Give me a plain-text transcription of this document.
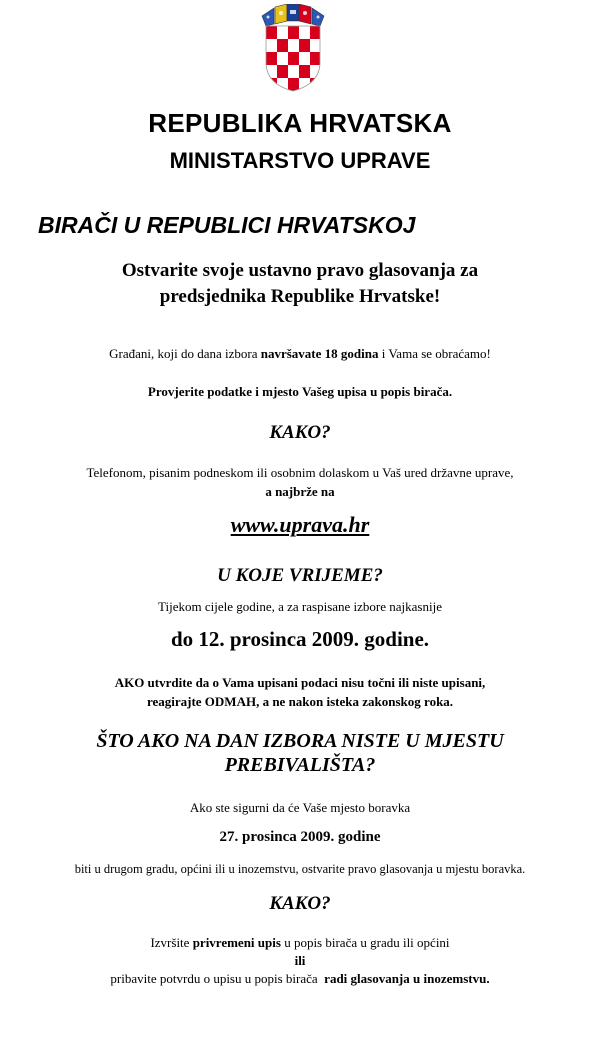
REPUBLIKA HRVATSKA
MINISTARSTVO UPRAVE
BIRAČI U REPUBLICI HRVATSKOJ
Ostvarite svoje ustavno pravo glasovanja za
predsjednika Republike Hrvatske!
Građani, koji do dana izbora navršavate 18 godina i Vama se obraćamo!
Provjerite podatke i mjesto Vašeg upisa u popis birača.
KAKO?
Telefonom, pisanim podneskom ili osobnim dolaskom u Vaš ured državne uprave,
a najbrže na
www.uprava.hr
U KOJE VRIJEME?
Tijekom cijele godine, a za raspisane izbore najkasnije
do 12. prosinca 2009. godine.
AKO utvrdite da o Vama upisani podaci nisu točni ili niste upisani,
reagirajte ODMAH, a ne nakon isteka zakonskog roka.
ŠTO AKO NA DAN IZBORA NISTE U MJESTU
PREBIVALIŠTA?
Ako ste sigurni da će Vaše mjesto boravka
27. prosinca 2009. godine
biti u drugom gradu, općini ili u inozemstvu, ostvarite pravo glasovanja u mjestu boravka.
KAKO?
Izvršite privremeni upis u popis birača u gradu ili općini
ili
pribavite potvrdu o upisu u popis birača  radi glasovanja u inozemstvu.
